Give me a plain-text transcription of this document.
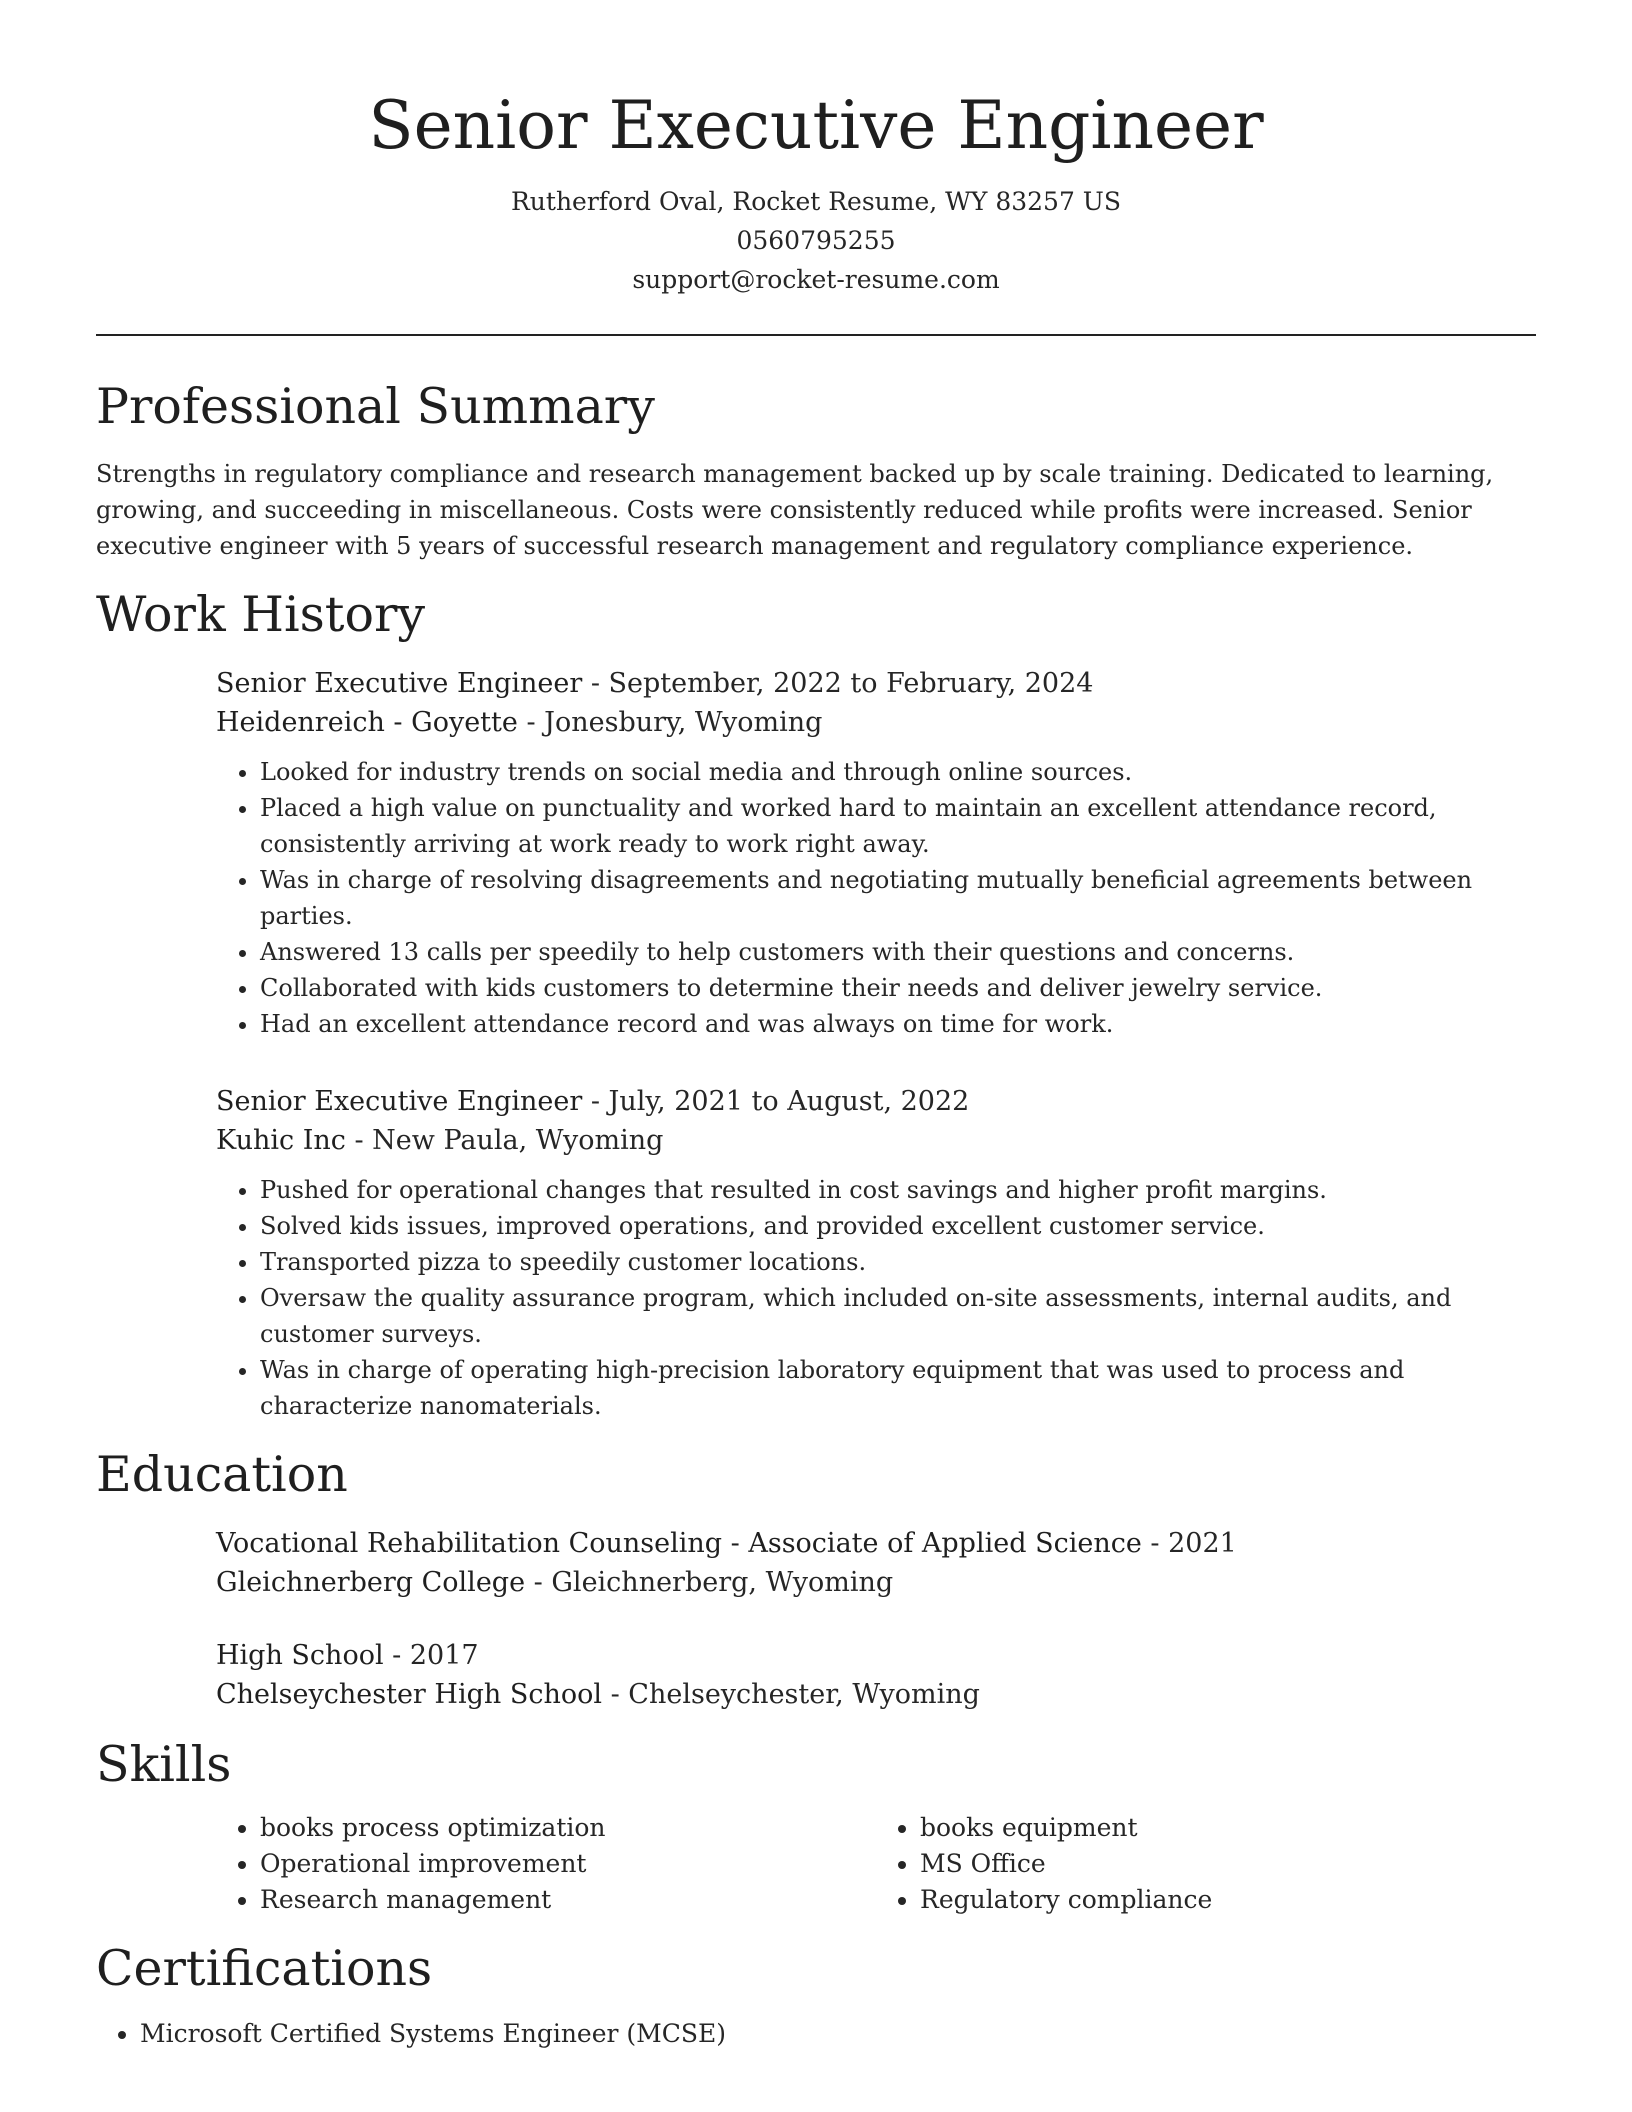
Senior Executive Engineer
Rutherford Oval, Rocket Resume, WY 83257 US
0560795255
support@rocket-resume.com
Professional Summary

Strengths in regulatory compliance and research management backed up by scale training. Dedicated to learning, growing, and succeeding in miscellaneous. Costs were consistently reduced while profits were increased. Senior executive engineer with 5 years of successful research management and regulatory compliance experience.

Work History
Senior Executive Engineer - September, 2022 to February, 2024
Heidenreich - Goyette - Jonesbury, Wyoming
• Looked for industry trends on social media and through online sources.
• Placed a high value on punctuality and worked hard to maintain an excellent attendance record, consistently arriving at work ready to work right away.
• Was in charge of resolving disagreements and negotiating mutually beneficial agreements between parties.
• Answered 13 calls per speedily to help customers with their questions and concerns.
• Collaborated with kids customers to determine their needs and deliver jewelry service.
• Had an excellent attendance record and was always on time for work.
Senior Executive Engineer - July, 2021 to August, 2022
Kuhic Inc - New Paula, Wyoming
• Pushed for operational changes that resulted in cost savings and higher profit margins.
• Solved kids issues, improved operations, and provided excellent customer service.
• Transported pizza to speedily customer locations.
• Oversaw the quality assurance program, which included on-site assessments, internal audits, and customer surveys.
• Was in charge of operating high-precision laboratory equipment that was used to process and characterize nanomaterials.
Education
Vocational Rehabilitation Counseling - Associate of Applied Science - 2021
Gleichnerberg College - Gleichnerberg, Wyoming
High School - 2017
Chelseychester High School - Chelseychester, Wyoming
Skills
• books process optimization
• Operational improvement
• Research management
• books equipment
• MS Office
• Regulatory compliance
Certifications
• Microsoft Certified Systems Engineer (MCSE)
